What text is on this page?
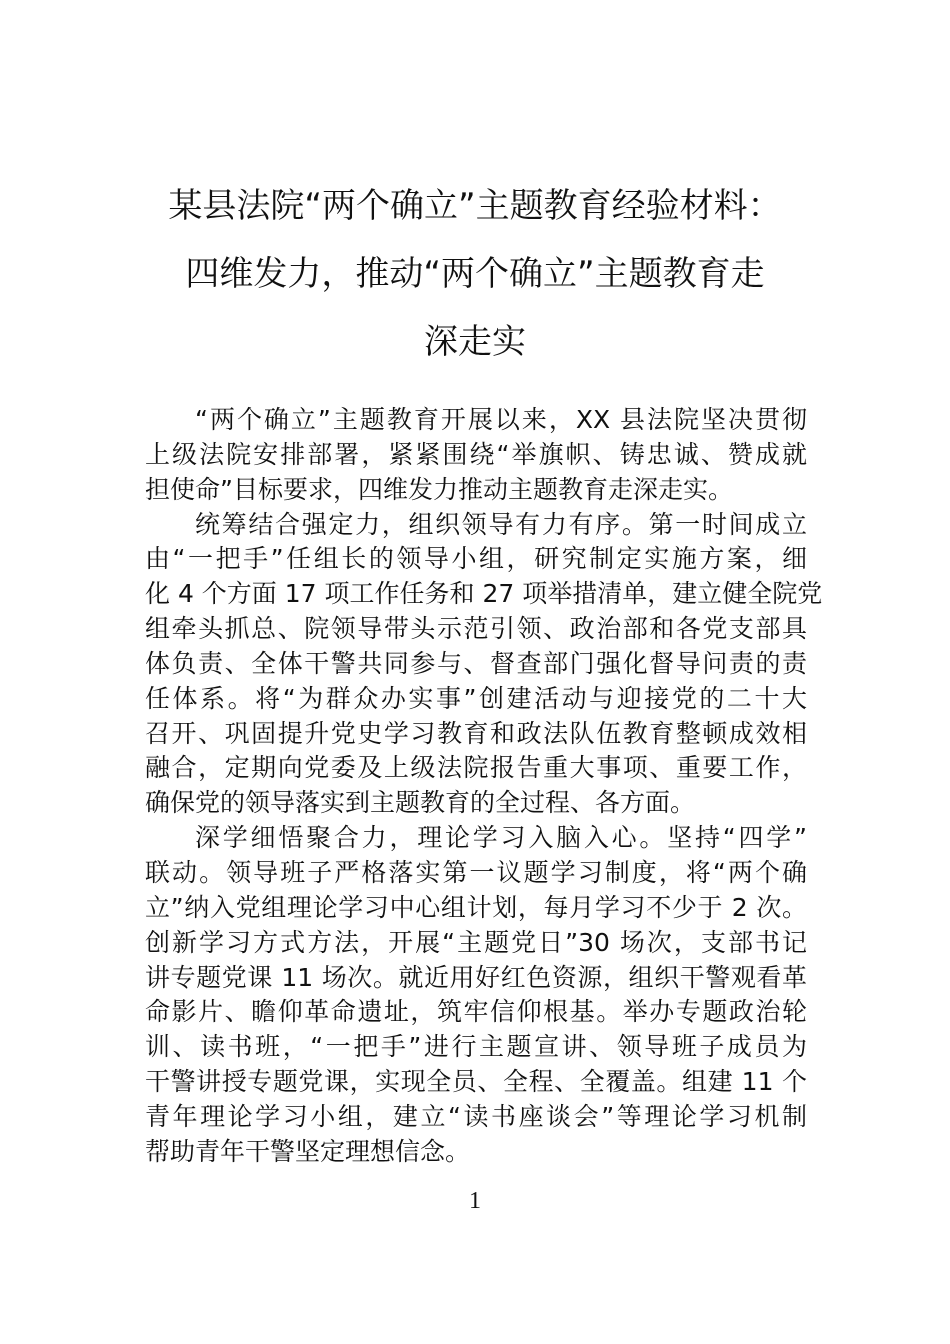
某县法院“两个确立”主题教育经验材料：
四维发力，推动“两个确立”主题教育走
深走实
“两个确立”主题教育开展以来，XX 县法院坚决贯彻
上级法院安排部署，紧紧围绕“举旗帜、铸忠诚、赞成就
担使命”目标要求，四维发力推动主题教育走深走实。
统筹结合强定力，组织领导有力有序。第一时间成立
由“一把手”任组长的领导小组，研究制定实施方案，细
化 4 个方面 17 项工作任务和 27 项举措清单，建立健全院党
组牵头抓总、院领导带头示范引领、政治部和各党支部具
体负责、全体干警共同参与、督查部门强化督导问责的责
任体系。将“为群众办实事”创建活动与迎接党的二十大
召开、巩固提升党史学习教育和政法队伍教育整顿成效相
融合，定期向党委及上级法院报告重大事项、重要工作，
确保党的领导落实到主题教育的全过程、各方面。
深学细悟聚合力，理论学习入脑入心。坚持“四学”
联动。领导班子严格落实第一议题学习制度，将“两个确
立”纳入党组理论学习中心组计划，每月学习不少于 2 次。
创新学习方式方法，开展“主题党日”30 场次，支部书记
讲专题党课 11 场次。就近用好红色资源，组织干警观看革
命影片、瞻仰革命遗址，筑牢信仰根基。举办专题政治轮
训、读书班，“一把手”进行主题宣讲、领导班子成员为
干警讲授专题党课，实现全员、全程、全覆盖。组建 11 个
青年理论学习小组，建立“读书座谈会”等理论学习机制
帮助青年干警坚定理想信念。
1
